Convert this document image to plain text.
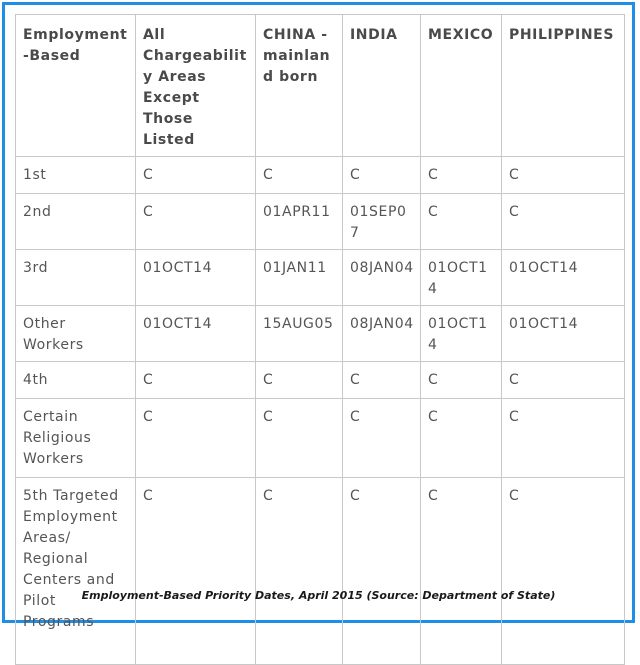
Employment-Based	All Chargeability Areas Except Those Listed	CHINA - mainland born	INDIA	MEXICO	PHILIPPINES
1st	C	C	C	C	C
2nd	C	01APR11	01SEP07	C	C
3rd	01OCT14	01JAN11	08JAN04	01OCT14	01OCT14
Other Workers	01OCT14	15AUG05	08JAN04	01OCT14	01OCT14
4th	C	C	C	C	C
Certain Religious Workers	C	C	C	C	C
5th Targeted Employment Areas/ Regional Centers and Pilot Programs	C	C	C	C	C
Employment-Based Priority Dates, April 2015 (Source: Department of State)
